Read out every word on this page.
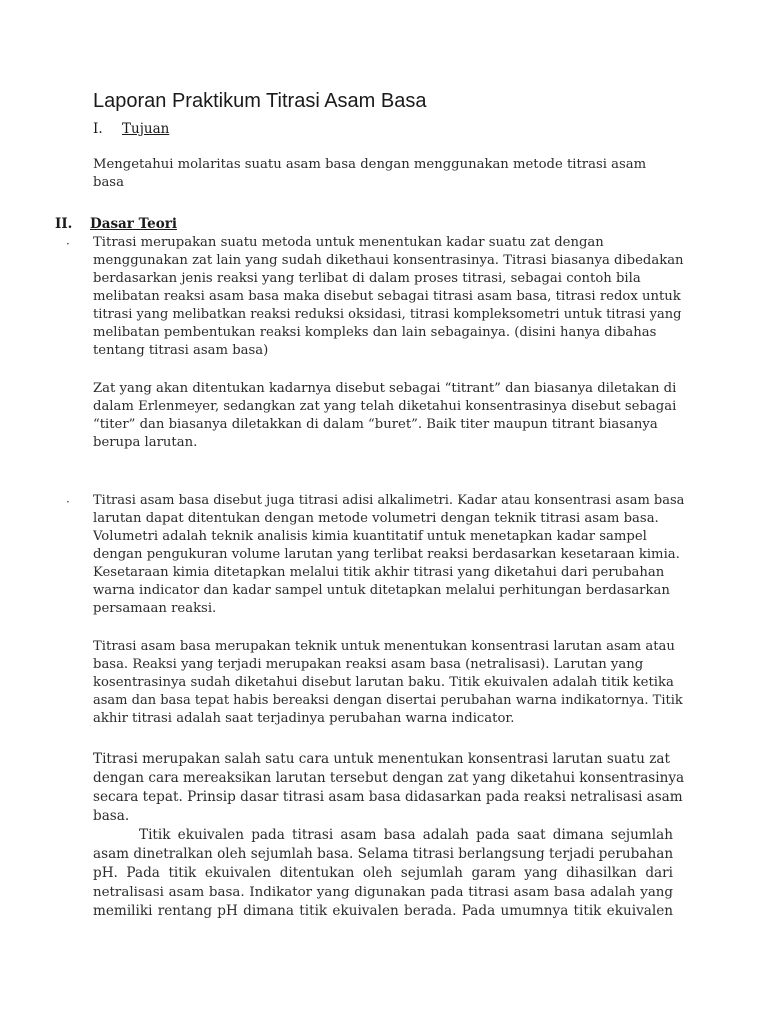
Laporan Praktikum Titrasi Asam Basa
I. Tujuan
Mengetahui molaritas suatu asam basa dengan menggunakan metode titrasi asam
basa
II. Dasar Teori
· Titrasi merupakan suatu metoda untuk menentukan kadar suatu zat dengan
menggunakan zat lain yang sudah dikethaui konsentrasinya. Titrasi biasanya dibedakan
berdasarkan jenis reaksi yang terlibat di dalam proses titrasi, sebagai contoh bila
melibatan reaksi asam basa maka disebut sebagai titrasi asam basa, titrasi redox untuk
titrasi yang melibatkan reaksi reduksi oksidasi, titrasi kompleksometri untuk titrasi yang
melibatan pembentukan reaksi kompleks dan lain sebagainya. (disini hanya dibahas
tentang titrasi asam basa)
Zat yang akan ditentukan kadarnya disebut sebagai “titrant” dan biasanya diletakan di
dalam Erlenmeyer, sedangkan zat yang telah diketahui konsentrasinya disebut sebagai
“titer” dan biasanya diletakkan di dalam “buret”. Baik titer maupun titrant biasanya
berupa larutan.
· Titrasi asam basa disebut juga titrasi adisi alkalimetri. Kadar atau konsentrasi asam basa
larutan dapat ditentukan dengan metode volumetri dengan teknik titrasi asam basa.
Volumetri adalah teknik analisis kimia kuantitatif untuk menetapkan kadar sampel
dengan pengukuran volume larutan yang terlibat reaksi berdasarkan kesetaraan kimia.
Kesetaraan kimia ditetapkan melalui titik akhir titrasi yang diketahui dari perubahan
warna indicator dan kadar sampel untuk ditetapkan melalui perhitungan berdasarkan
persamaan reaksi.
Titrasi asam basa merupakan teknik untuk menentukan konsentrasi larutan asam atau
basa. Reaksi yang terjadi merupakan reaksi asam basa (netralisasi). Larutan yang
kosentrasinya sudah diketahui disebut larutan baku. Titik ekuivalen adalah titik ketika
asam dan basa tepat habis bereaksi dengan disertai perubahan warna indikatornya. Titik
akhir titrasi adalah saat terjadinya perubahan warna indicator.
Titrasi merupakan salah satu cara untuk menentukan konsentrasi larutan suatu zat
dengan cara mereaksikan larutan tersebut dengan zat yang diketahui konsentrasinya
secara tepat. Prinsip dasar titrasi asam basa didasarkan pada reaksi netralisasi asam
basa.
Titik ekuivalen pada titrasi asam basa adalah pada saat dimana sejumlah
asam dinetralkan oleh sejumlah basa. Selama titrasi berlangsung terjadi perubahan
pH. Pada titik ekuivalen ditentukan oleh sejumlah garam yang dihasilkan dari
netralisasi asam basa. Indikator yang digunakan pada titrasi asam basa adalah yang
memiliki rentang pH dimana titik ekuivalen berada. Pada umumnya titik ekuivalen
